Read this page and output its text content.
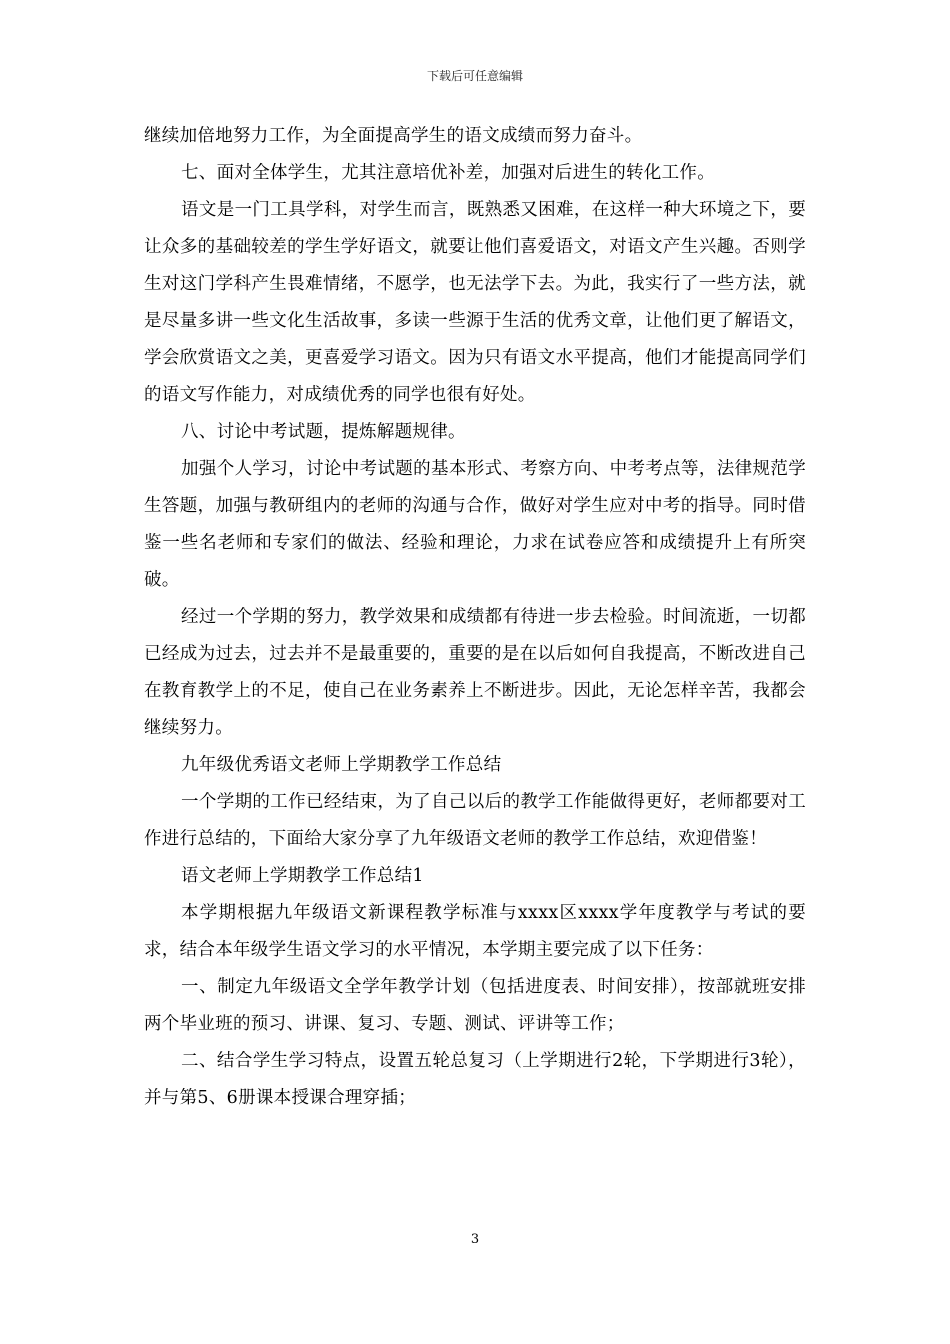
下载后可任意编辑

继续加倍地努力工作，为全面提高学生的语文成绩而努力奋斗。

七、面对全体学生，尤其注意培优补差，加强对后进生的转化工作。

语文是一门工具学科，对学生而言，既熟悉又困难，在这样一种大环境之下，要让众多的基础较差的学生学好语文，就要让他们喜爱语文，对语文产生兴趣。否则学生对这门学科产生畏难情绪，不愿学，也无法学下去。为此，我实行了一些方法，就是尽量多讲一些文化生活故事，多读一些源于生活的优秀文章，让他们更了解语文，学会欣赏语文之美，更喜爱学习语文。因为只有语文水平提高，他们才能提高同学们的语文写作能力，对成绩优秀的同学也很有好处。

八、讨论中考试题，提炼解题规律。

加强个人学习，讨论中考试题的基本形式、考察方向、中考考点等，法律规范学生答题，加强与教研组内的老师的沟通与合作，做好对学生应对中考的指导。同时借鉴一些名老师和专家们的做法、经验和理论，力求在试卷应答和成绩提升上有所突破。

经过一个学期的努力，教学效果和成绩都有待进一步去检验。时间流逝，一切都已经成为过去，过去并不是最重要的，重要的是在以后如何自我提高，不断改进自己在教育教学上的不足，使自己在业务素养上不断进步。因此，无论怎样辛苦，我都会继续努力。

九年级优秀语文老师上学期教学工作总结

一个学期的工作已经结束，为了自己以后的教学工作能做得更好，老师都要对工作进行总结的，下面给大家分享了九年级语文老师的教学工作总结，欢迎借鉴！

语文老师上学期教学工作总结1

本学期根据九年级语文新课程教学标准与xxxx区xxxx学年度教学与考试的要求，结合本年级学生语文学习的水平情况，本学期主要完成了以下任务：

一、制定九年级语文全学年教学计划（包括进度表、时间安排），按部就班安排两个毕业班的预习、讲课、复习、专题、测试、评讲等工作；

二、结合学生学习特点，设置五轮总复习（上学期进行2轮，下学期进行3轮），并与第5、6册课本授课合理穿插；

3
